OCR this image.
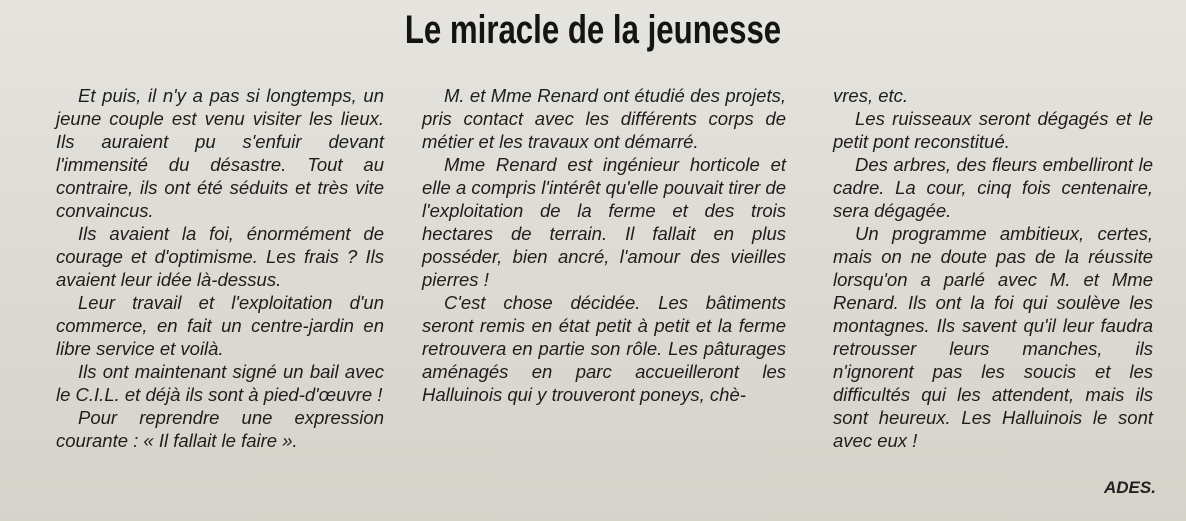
Le miracle de la jeunesse

Et puis, il n'y a pas si longtemps, un jeune couple est venu visiter les lieux. Ils auraient pu s'enfuir devant l'immensité du désastre. Tout au contraire, ils ont été séduits et très vite convaincus.

Ils avaient la foi, énormément de courage et d'optimisme. Les frais ? Ils avaient leur idée là-dessus.

Leur travail et l'exploitation d'un commerce, en fait un centre-jardin en libre service et voilà.

Ils ont maintenant signé un bail avec le C.I.L. et déjà ils sont à pied-d'œuvre !

Pour reprendre une expression courante : « Il fallait le faire ».

M. et Mme Renard ont étudié des projets, pris contact avec les différents corps de métier et les travaux ont démarré.

Mme Renard est ingénieur horticole et elle a compris l'intérêt qu'elle pouvait tirer de l'exploitation de la ferme et des trois hectares de terrain. Il fallait en plus posséder, bien ancré, l'amour des vieilles pierres !

C'est chose décidée. Les bâtiments seront remis en état petit à petit et la ferme retrouvera en partie son rôle. Les pâturages aménagés en parc accueilleront les Halluinois qui y trouveront poneys, chè-

vres, etc.

Les ruisseaux seront dégagés et le petit pont reconstitué.

Des arbres, des fleurs embelliront le cadre. La cour, cinq fois centenaire, sera dégagée.

Un programme ambitieux, certes, mais on ne doute pas de la réussite lorsqu'on a parlé avec M. et Mme Renard. Ils ont la foi qui soulève les montagnes. Ils savent qu'il leur faudra retrousser leurs manches, ils n'ignorent pas les soucis et les difficultés qui les attendent, mais ils sont heureux. Les Halluinois le sont avec eux !

ADES.
